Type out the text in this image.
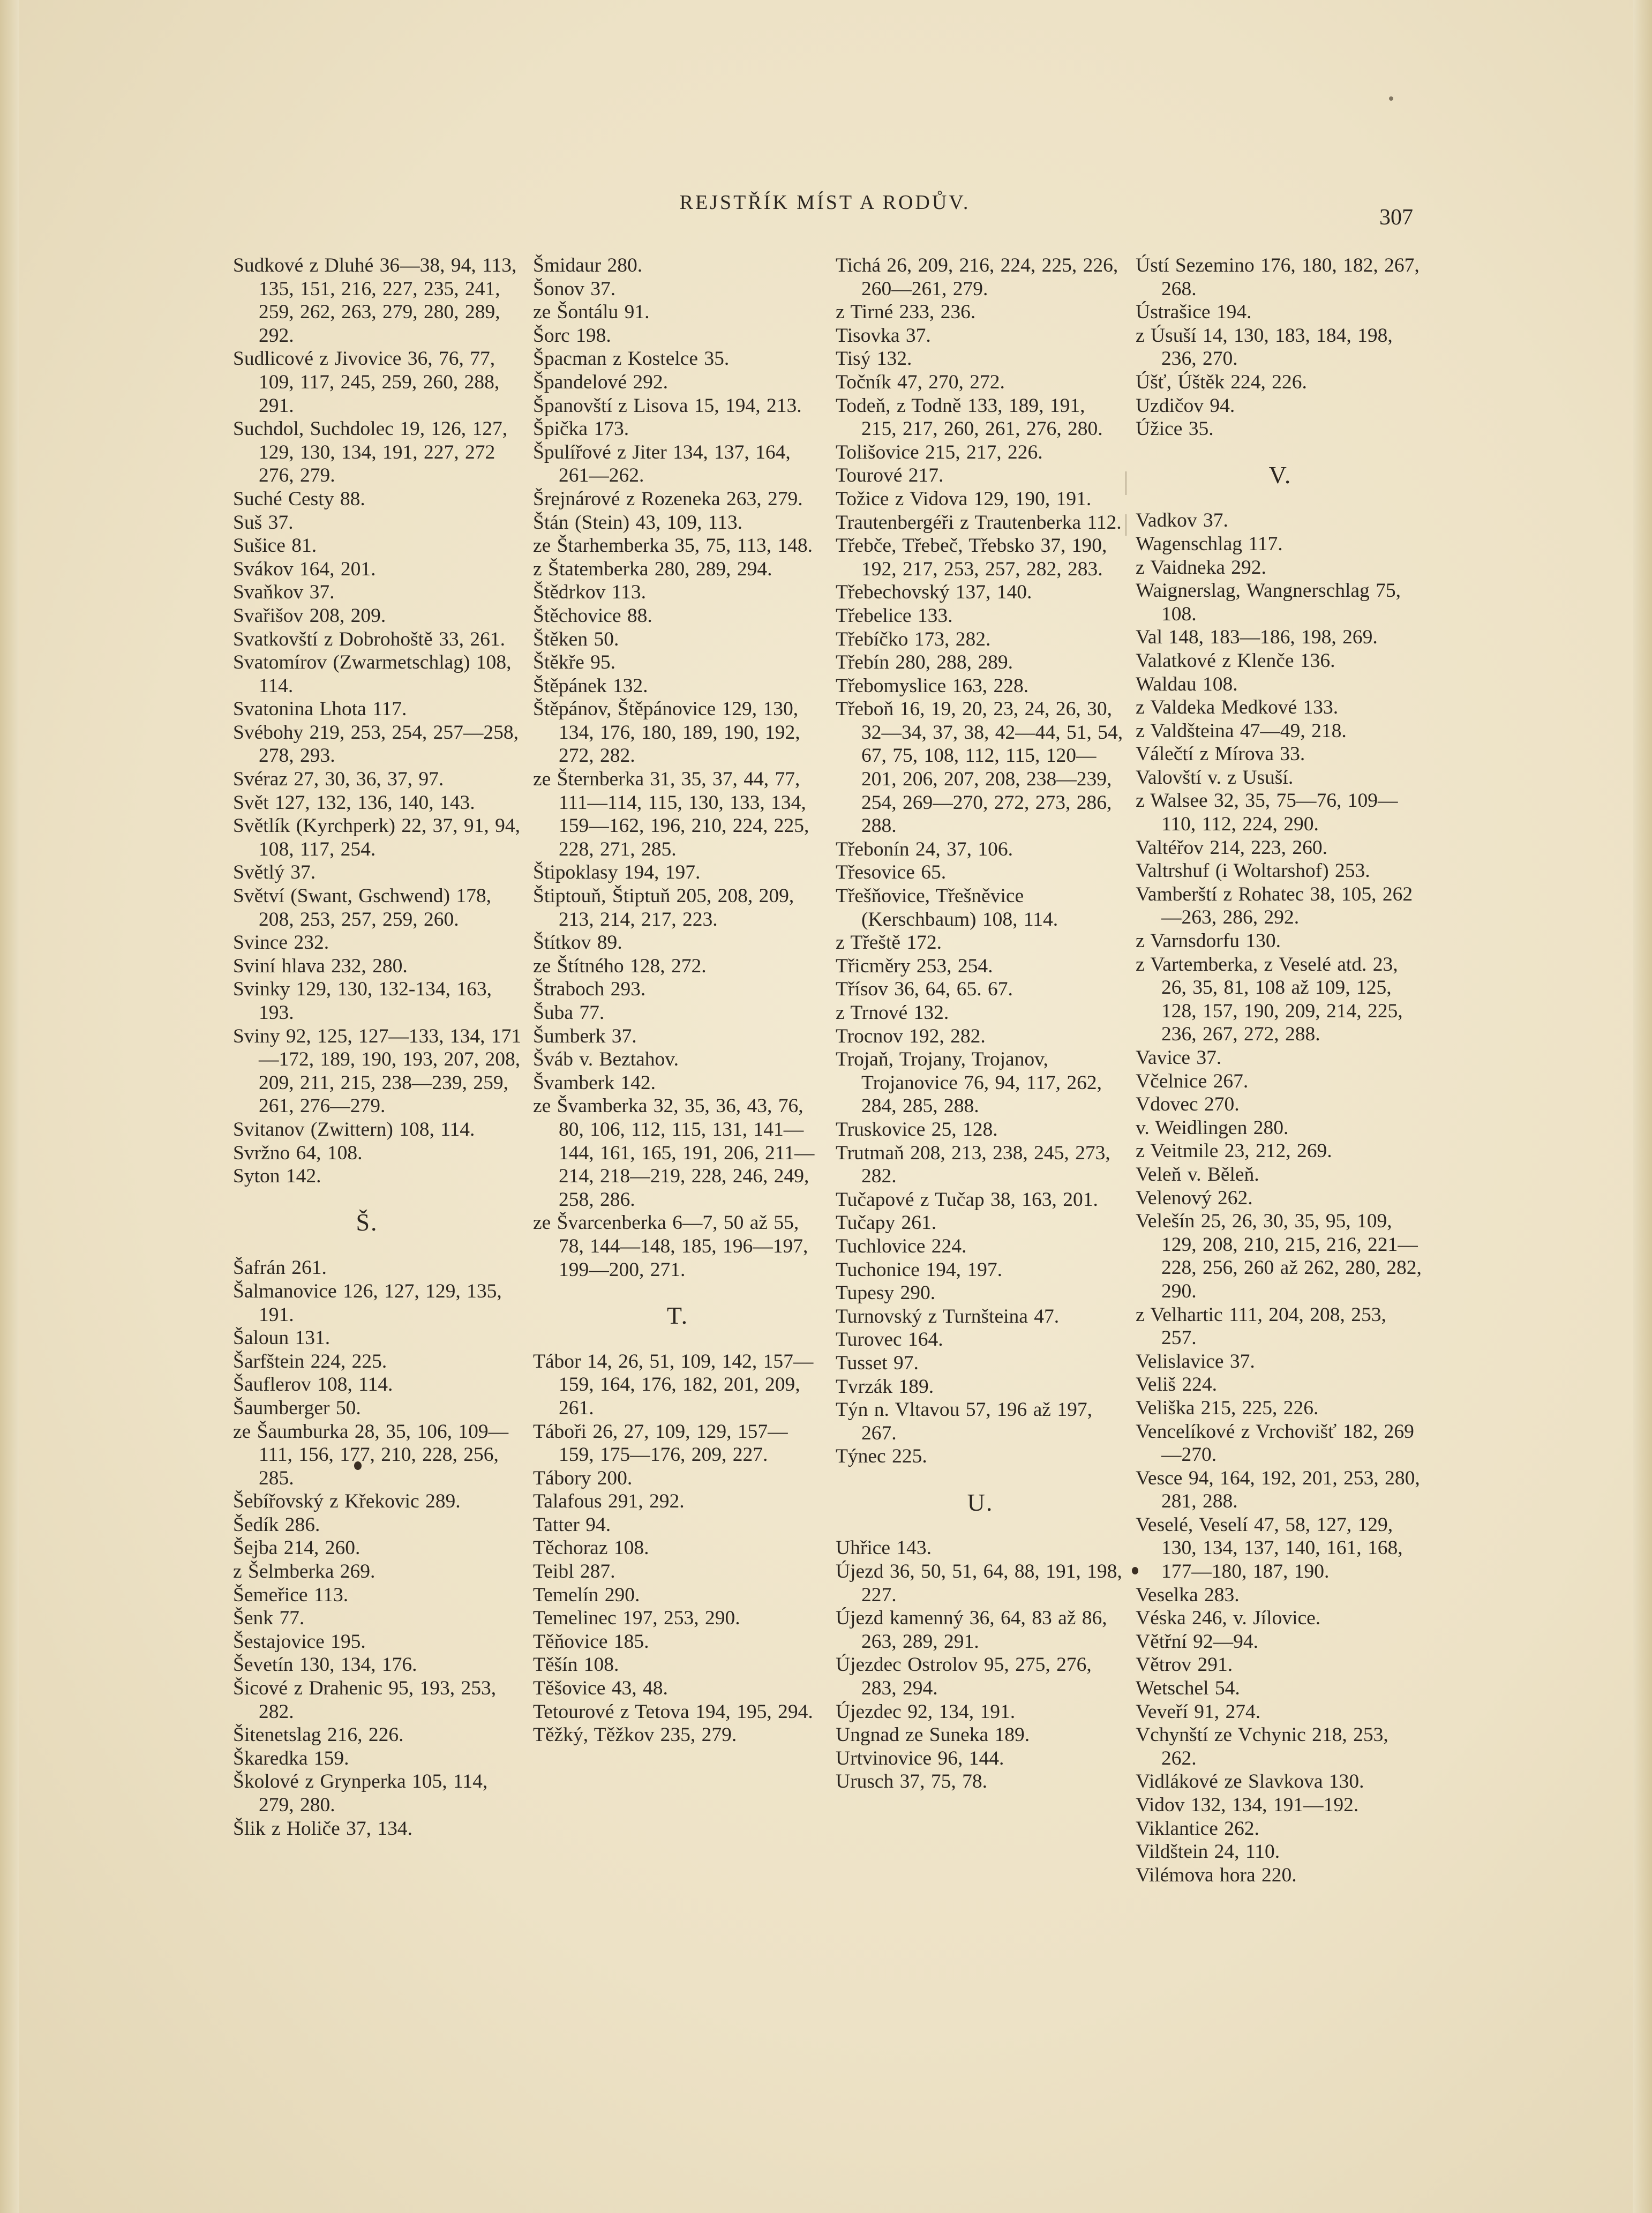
REJSTŘÍK MÍST A RODŮV.
307
Sudkové z Dluhé 36—38, 94, 113, 135, 151, 216, 227, 235, 241, 259, 262, 263, 279, 280, 289, 292.
Sudlicové z Jivovice 36, 76, 77, 109, 117, 245, 259, 260, 288, 291.
Suchdol, Suchdolec 19, 126, 127, 129, 130, 134, 191, 227, 272 276, 279.
Suché Cesty 88.
Suš 37.
Sušice 81.
Svákov 164, 201.
Svaňkov 37.
Svařišov 208, 209.
Svatkovští z Dobrohoště 33, 261.
Svatomírov (Zwarmetschlag) 108, 114.
Svatonina Lhota 117.
Svébohy 219, 253, 254, 257—258, 278, 293.
Svéraz 27, 30, 36, 37, 97.
Svět 127, 132, 136, 140, 143.
Světlík (Kyrchperk) 22, 37, 91, 94, 108, 117, 254.
Světlý 37.
Světví (Swant, Gschwend) 178, 208, 253, 257, 259, 260.
Svince 232.
Sviní hlava 232, 280.
Svinky 129, 130, 132-134, 163, 193.
Sviny 92, 125, 127—133, 134, 171—172, 189, 190, 193, 207, 208, 209, 211, 215, 238—239, 259, 261, 276—279.
Svitanov (Zwittern) 108, 114.
Svržno 64, 108.
Syton 142.
Š.
Šafrán 261.
Šalmanovice 126, 127, 129, 135, 191.
Šaloun 131.
Šarfštein 224, 225.
Šauflerov 108, 114.
Šaumberger 50.
ze Šaumburka 28, 35, 106, 109—111, 156, 177, 210, 228, 256, 285.
Šebířovský z Křekovic 289.
Šedík 286.
Šejba 214, 260.
z Šelmberka 269.
Šemeřice 113.
Šenk 77.
Šestajovice 195.
Ševetín 130, 134, 176.
Šicové z Drahenic 95, 193, 253, 282.
Šitenetslag 216, 226.
Škaredka 159.
Školové z Grynperka 105, 114, 279, 280.
Šlik z Holiče 37, 134.
Šmidaur 280.
Šonov 37.
ze Šontálu 91.
Šorc 198.
Špacman z Kostelce 35.
Špandelové 292.
Španovští z Lisova 15, 194, 213.
Špička 173.
Špulířové z Jiter 134, 137, 164, 261—262.
Šrejnárové z Rozeneka 263, 279.
Štán (Stein) 43, 109, 113.
ze Štarhemberka 35, 75, 113, 148.
z Štatemberka 280, 289, 294.
Štědrkov 113.
Štěchovice 88.
Štěken 50.
Štěkře 95.
Štěpánek 132.
Štěpánov, Štěpánovice 129, 130, 134, 176, 180, 189, 190, 192, 272, 282.
ze Šternberka 31, 35, 37, 44, 77, 111—114, 115, 130, 133, 134, 159—162, 196, 210, 224, 225, 228, 271, 285.
Štipoklasy 194, 197.
Štiptouň, Štiptuň 205, 208, 209, 213, 214, 217, 223.
Štítkov 89.
ze Štítného 128, 272.
Štraboch 293.
Šuba 77.
Šumberk 37.
Šváb v. Beztahov.
Švamberk 142.
ze Švamberka 32, 35, 36, 43, 76, 80, 106, 112, 115, 131, 141—144, 161, 165, 191, 206, 211—214, 218—219, 228, 246, 249, 258, 286.
ze Švarcenberka 6—7, 50 až 55, 78, 144—148, 185, 196—197, 199—200, 271.
T.
Tábor 14, 26, 51, 109, 142, 157—159, 164, 176, 182, 201, 209, 261.
Táboři 26, 27, 109, 129, 157—159, 175—176, 209, 227.
Tábory 200.
Talafous 291, 292.
Tatter 94.
Těchoraz 108.
Teibl 287.
Temelín 290.
Temelinec 197, 253, 290.
Těňovice 185.
Těšín 108.
Těšovice 43, 48.
Tetourové z Tetova 194, 195, 294.
Těžký, Těžkov 235, 279.
Tichá 26, 209, 216, 224, 225, 226, 260—261, 279.
z Tirné 233, 236.
Tisovka 37.
Tisý 132.
Točník 47, 270, 272.
Todeň, z Todně 133, 189, 191, 215, 217, 260, 261, 276, 280.
Tolišovice 215, 217, 226.
Tourové 217.
Tožice z Vidova 129, 190, 191.
Trautenbergéři z Trautenberka 112.
Třebče, Třebeč, Třebsko 37, 190, 192, 217, 253, 257, 282, 283.
Třebechovský 137, 140.
Třebelice 133.
Třebíčko 173, 282.
Třebín 280, 288, 289.
Třebomyslice 163, 228.
Třeboň 16, 19, 20, 23, 24, 26, 30, 32—34, 37, 38, 42—44, 51, 54, 67, 75, 108, 112, 115, 120—201, 206, 207, 208, 238—239, 254, 269—270, 272, 273, 286, 288.
Třebonín 24, 37, 106.
Třesovice 65.
Třešňovice, Třešněvice (Kerschbaum) 108, 114.
z Třeště 172.
Třicměry 253, 254.
Třísov 36, 64, 65. 67.
z Trnové 132.
Trocnov 192, 282.
Trojaň, Trojany, Trojanov, Trojanovice 76, 94, 117, 262, 284, 285, 288.
Truskovice 25, 128.
Trutmaň 208, 213, 238, 245, 273, 282.
Tučapové z Tučap 38, 163, 201.
Tučapy 261.
Tuchlovice 224.
Tuchonice 194, 197.
Tupesy 290.
Turnovský z Turnšteina 47.
Turovec 164.
Tusset 97.
Tvrzák 189.
Týn n. Vltavou 57, 196 až 197, 267.
Týnec 225.
U.
Uhřice 143.
Újezd 36, 50, 51, 64, 88, 191, 198, 227.
Újezd kamenný 36, 64, 83 až 86, 263, 289, 291.
Újezdec Ostrolov 95, 275, 276, 283, 294.
Újezdec 92, 134, 191.
Ungnad ze Suneka 189.
Urtvinovice 96, 144.
Urusch 37, 75, 78.
Ústí Sezemino 176, 180, 182, 267, 268.
Ústrašice 194.
z Úsuší 14, 130, 183, 184, 198, 236, 270.
Úšť, Úštěk 224, 226.
Uzdičov 94.
Úžice 35.
V.
Vadkov 37.
Wagenschlag 117.
z Vaidneka 292.
Waignerslag, Wangnerschlag 75, 108.
Val 148, 183—186, 198, 269.
Valatkové z Klenče 136.
Waldau 108.
z Valdeka Medkové 133.
z Valdšteina 47—49, 218.
Válečtí z Mírova 33.
Valovští v. z Usuší.
z Walsee 32, 35, 75—76, 109—110, 112, 224, 290.
Valtéřov 214, 223, 260.
Valtrshuf (i Woltarshof) 253.
Vamberští z Rohatec 38, 105, 262—263, 286, 292.
z Varnsdorfu 130.
z Vartemberka, z Veselé atd. 23, 26, 35, 81, 108 až 109, 125, 128, 157, 190, 209, 214, 225, 236, 267, 272, 288.
Vavice 37.
Včelnice 267.
Vdovec 270.
v. Weidlingen 280.
z Veitmile 23, 212, 269.
Veleň v. Běleň.
Velenový 262.
Velešín 25, 26, 30, 35, 95, 109, 129, 208, 210, 215, 216, 221—228, 256, 260 až 262, 280, 282, 290.
z Velhartic 111, 204, 208, 253, 257.
Velislavice 37.
Veliš 224.
Veliška 215, 225, 226.
Vencelíkové z Vrchovišť 182, 269—270.
Vesce 94, 164, 192, 201, 253, 280, 281, 288.
Veselé, Veselí 47, 58, 127, 129, 130, 134, 137, 140, 161, 168, 177—180, 187, 190.
Veselka 283.
Véska 246, v. Jílovice.
Větřní 92—94.
Větrov 291.
Wetschel 54.
Veveří 91, 274.
Vchynští ze Vchynic 218, 253, 262.
Vidlákové ze Slavkova 130.
Vidov 132, 134, 191—192.
Viklantice 262.
Vildštein 24, 110.
Vilémova hora 220.
